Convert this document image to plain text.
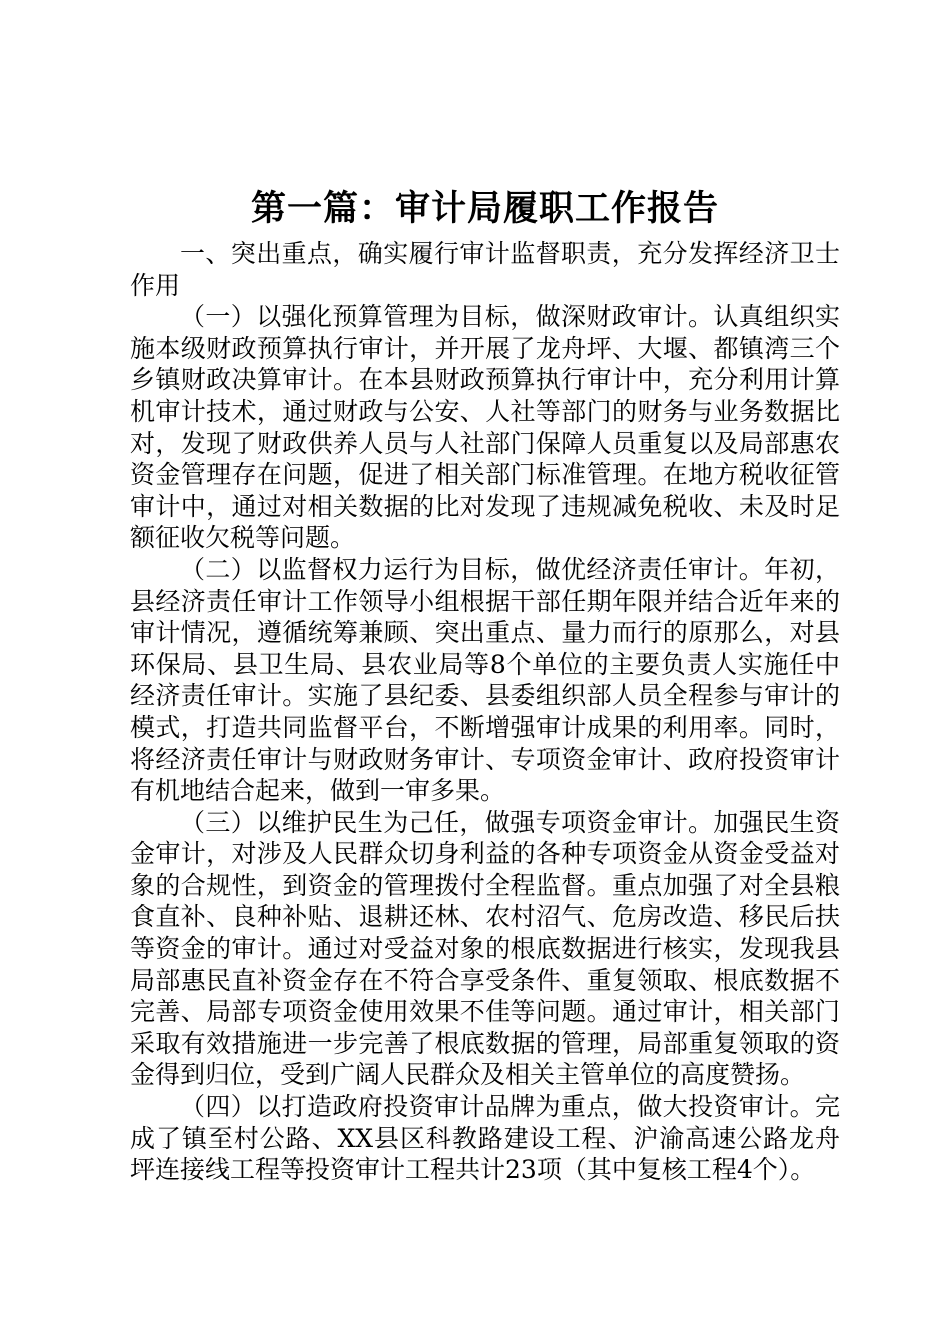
第一篇：审计局履职工作报告

一、突出重点，确实履行审计监督职责，充分发挥经济卫士作用

（一）以强化预算管理为目标，做深财政审计。认真组织实施本级财政预算执行审计，并开展了龙舟坪、大堰、都镇湾三个乡镇财政决算审计。在本县财政预算执行审计中，充分利用计算机审计技术，通过财政与公安、人社等部门的财务与业务数据比对，发现了财政供养人员与人社部门保障人员重复以及局部惠农资金管理存在问题，促进了相关部门标准管理。在地方税收征管审计中，通过对相关数据的比对发现了违规减免税收、未及时足额征收欠税等问题。

（二）以监督权力运行为目标，做优经济责任审计。年初，县经济责任审计工作领导小组根据干部任期年限并结合近年来的审计情况，遵循统筹兼顾、突出重点、量力而行的原那么，对县环保局、县卫生局、县农业局等8个单位的主要负责人实施任中经济责任审计。实施了县纪委、县委组织部人员全程参与审计的模式，打造共同监督平台，不断增强审计成果的利用率。同时，将经济责任审计与财政财务审计、专项资金审计、政府投资审计有机地结合起来，做到一审多果。

（三）以维护民生为己任，做强专项资金审计。加强民生资金审计，对涉及人民群众切身利益的各种专项资金从资金受益对象的合规性，到资金的管理拨付全程监督。重点加强了对全县粮食直补、良种补贴、退耕还林、农村沼气、危房改造、移民后扶等资金的审计。通过对受益对象的根底数据进行核实，发现我县局部惠民直补资金存在不符合享受条件、重复领取、根底数据不完善、局部专项资金使用效果不佳等问题。通过审计，相关部门采取有效措施进一步完善了根底数据的管理，局部重复领取的资金得到归位，受到广阔人民群众及相关主管单位的高度赞扬。

（四）以打造政府投资审计品牌为重点，做大投资审计。完成了镇至村公路、XX县区科教路建设工程、沪渝高速公路龙舟坪连接线工程等投资审计工程共计23项（其中复核工程4个）。
